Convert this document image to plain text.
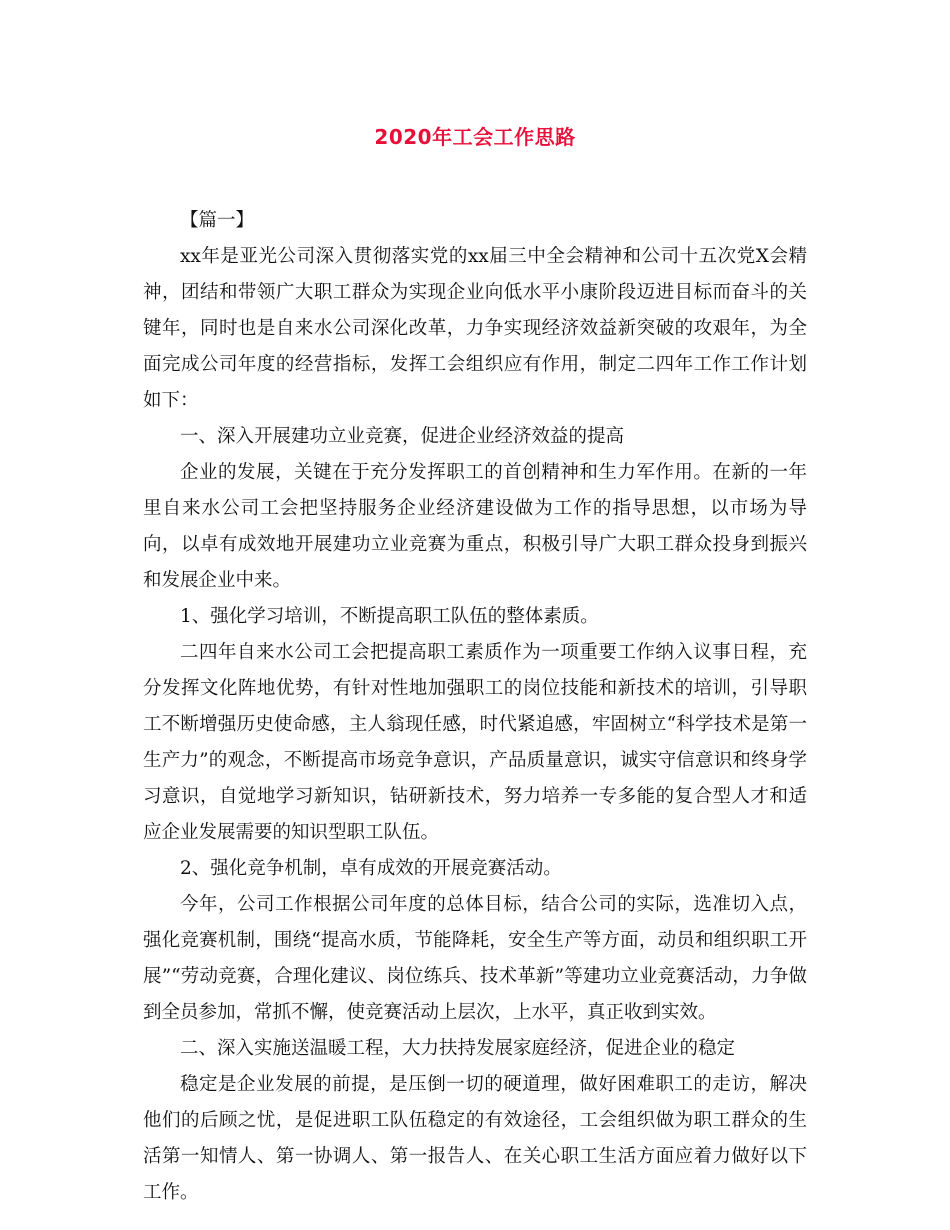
2020年工会工作思路

【篇一】

xx年是亚光公司深入贯彻落实党的xx届三中全会精神和公司十五次党X会精神，团结和带领广大职工群众为实现企业向低水平小康阶段迈进目标而奋斗的关键年，同时也是自来水公司深化改革，力争实现经济效益新突破的攻艰年，为全面完成公司年度的经营指标，发挥工会组织应有作用，制定二四年工作工作计划如下：

一、深入开展建功立业竞赛，促进企业经济效益的提高

企业的发展，关键在于充分发挥职工的首创精神和生力军作用。在新的一年里自来水公司工会把坚持服务企业经济建设做为工作的指导思想，以市场为导向，以卓有成效地开展建功立业竞赛为重点，积极引导广大职工群众投身到振兴和发展企业中来。

1、强化学习培训，不断提高职工队伍的整体素质。

二四年自来水公司工会把提高职工素质作为一项重要工作纳入议事日程，充分发挥文化阵地优势，有针对性地加强职工的岗位技能和新技术的培训，引导职工不断增强历史使命感，主人翁现任感，时代紧追感，牢固树立“科学技术是第一生产力”的观念，不断提高市场竞争意识，产品质量意识，诚实守信意识和终身学习意识，自觉地学习新知识，钻研新技术，努力培养一专多能的复合型人才和适应企业发展需要的知识型职工队伍。

2、强化竞争机制，卓有成效的开展竞赛活动。

今年，公司工作根据公司年度的总体目标，结合公司的实际，选准切入点，强化竞赛机制，围绕“提高水质，节能降耗，安全生产等方面，动员和组织职工开展”“劳动竞赛，合理化建议、岗位练兵、技术革新”等建功立业竞赛活动，力争做到全员参加，常抓不懈，使竞赛活动上层次，上水平，真正收到实效。

二、深入实施送温暖工程，大力扶持发展家庭经济，促进企业的稳定

稳定是企业发展的前提，是压倒一切的硬道理，做好困难职工的走访，解决他们的后顾之忧，是促进职工队伍稳定的有效途径，工会组织做为职工群众的生活第一知情人、第一协调人、第一报告人、在关心职工生活方面应着力做好以下工作。
